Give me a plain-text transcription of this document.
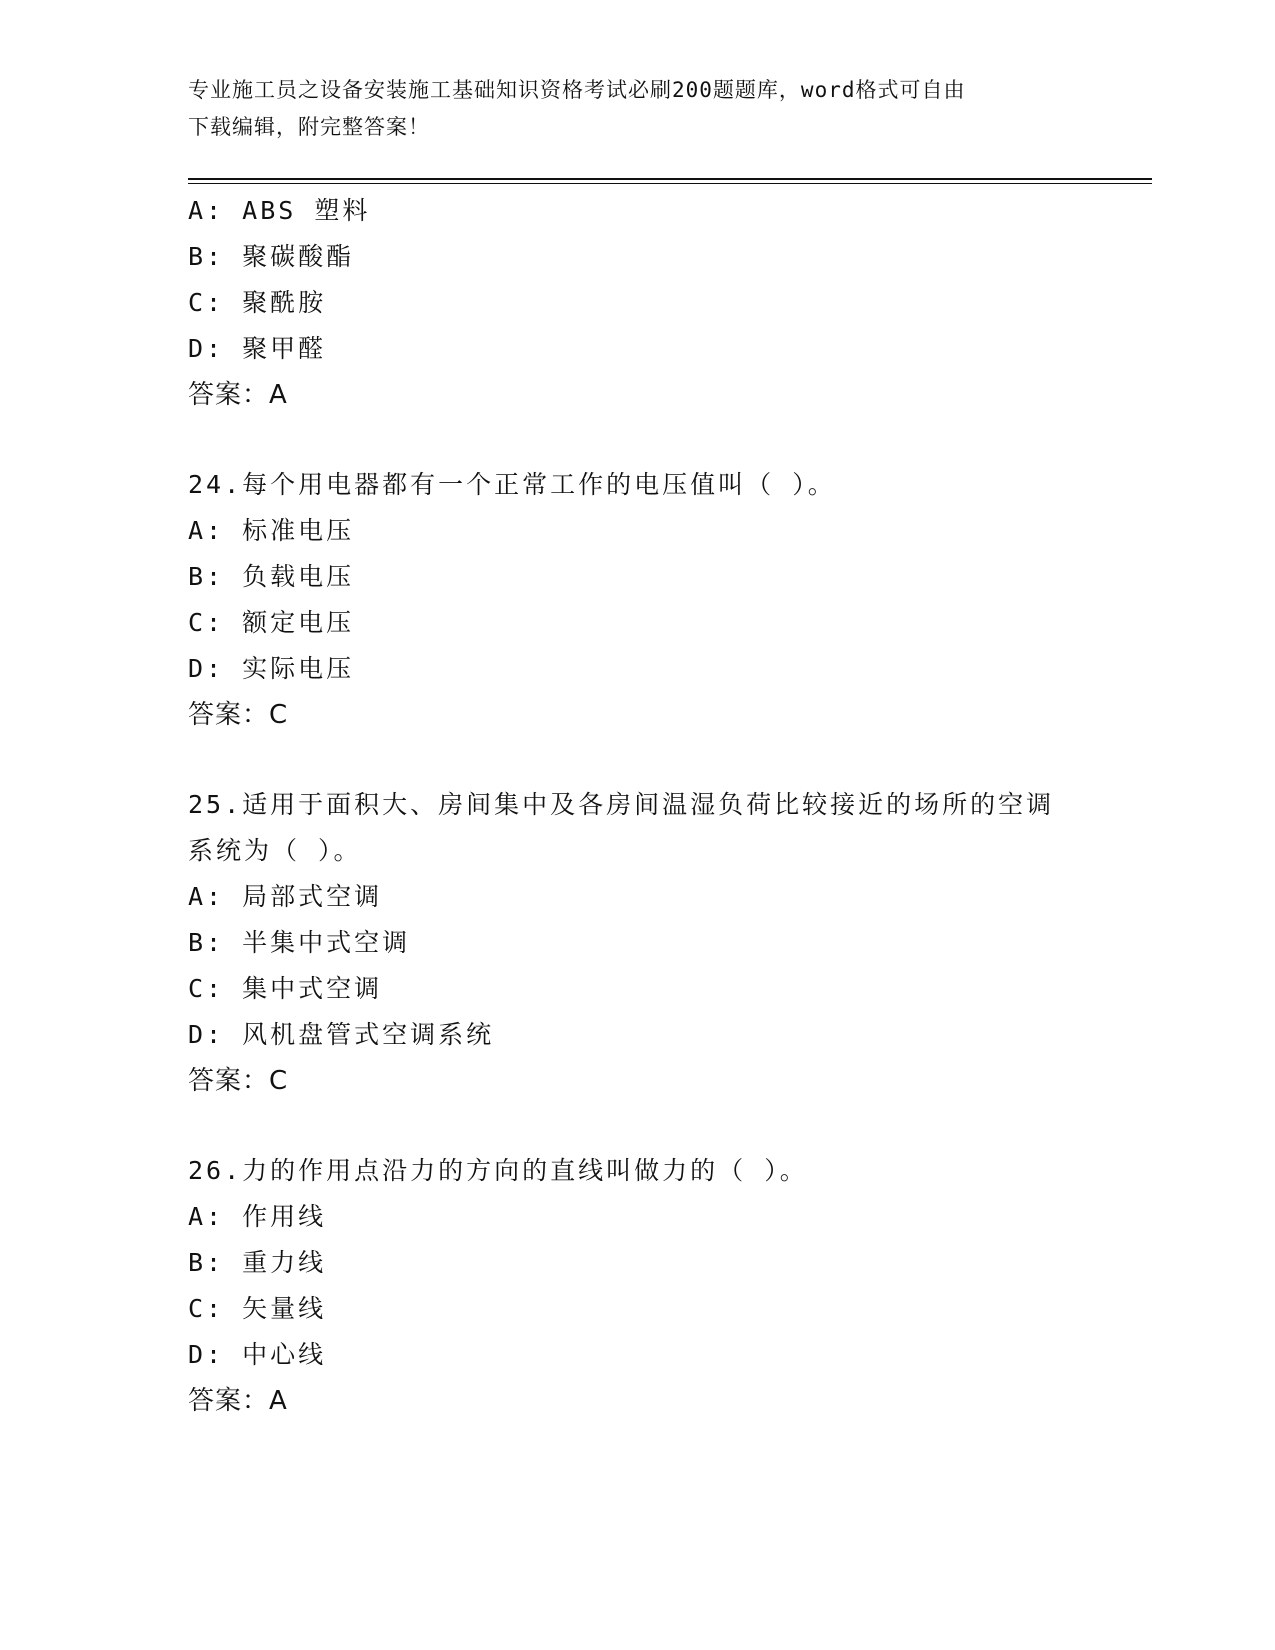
专业施工员之设备安装施工基础知识资格考试必刷200题题库，word格式可自由
下载编辑，附完整答案！
A: ABS 塑料
B: 聚碳酸酯
C: 聚酰胺
D: 聚甲醛
答案：A
24.每个用电器都有一个正常工作的电压值叫（ ）。
A: 标准电压
B: 负载电压
C: 额定电压
D: 实际电压
答案：C
25.适用于面积大、房间集中及各房间温湿负荷比较接近的场所的空调
系统为（ ）。
A: 局部式空调
B: 半集中式空调
C: 集中式空调
D: 风机盘管式空调系统
答案：C
26.力的作用点沿力的方向的直线叫做力的（ ）。
A: 作用线
B: 重力线
C: 矢量线
D: 中心线
答案：A
